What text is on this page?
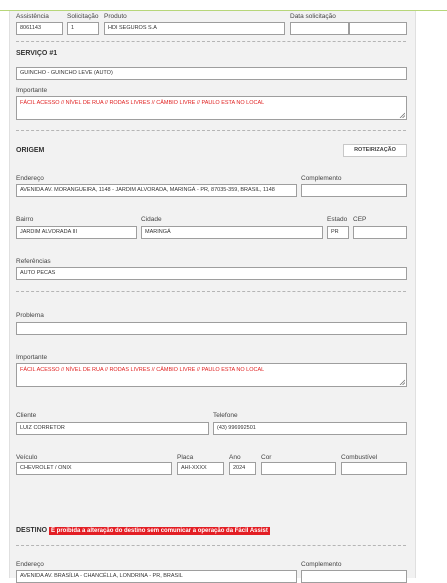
Assistência
8061143
Solicitação
1
Produto
HDI SEGUROS S.A
Data solicitação
SERVIÇO #1
GUINCHO - GUINCHO LEVE (AUTO)
Importante
FÁCIL ACESSO // NÍVEL DE RUA // RODAS LIVRES // CÂMBIO LIVRE // PAULO ESTA NO LOCAL
ORIGEM	ROTEIRIZAÇÃO
Endereço
AVENIDA AV. MORANGUEIRA, 1148 - JARDIM ALVORADA, MARINGÁ - PR, 87035-359, BRASIL, 1148
Complemento
Bairro
JARDIM ALVORADA III
Cidade
MARINGÁ
Estado
PR
CEP
Referências
AUTO PECAS
Problema
Importante
FÁCIL ACESSO // NÍVEL DE RUA // RODAS LIVRES // CÂMBIO LIVRE // PAULO ESTA NO LOCAL
Cliente
LUIZ CORRETOR
Telefone
(43) 996992501
Veículo
CHEVROLET / ONIX
Placa
AHI-XXXX
Ano
2024
Cor	Combustível
DESTINO É proibida a alteração do destino sem comunicar a operação da Fácil Assist
Endereço
AVENIDA AV. BRASÍLIA - CHANCÉLLA, LONDRINA - PR, BRASIL
Complemento
